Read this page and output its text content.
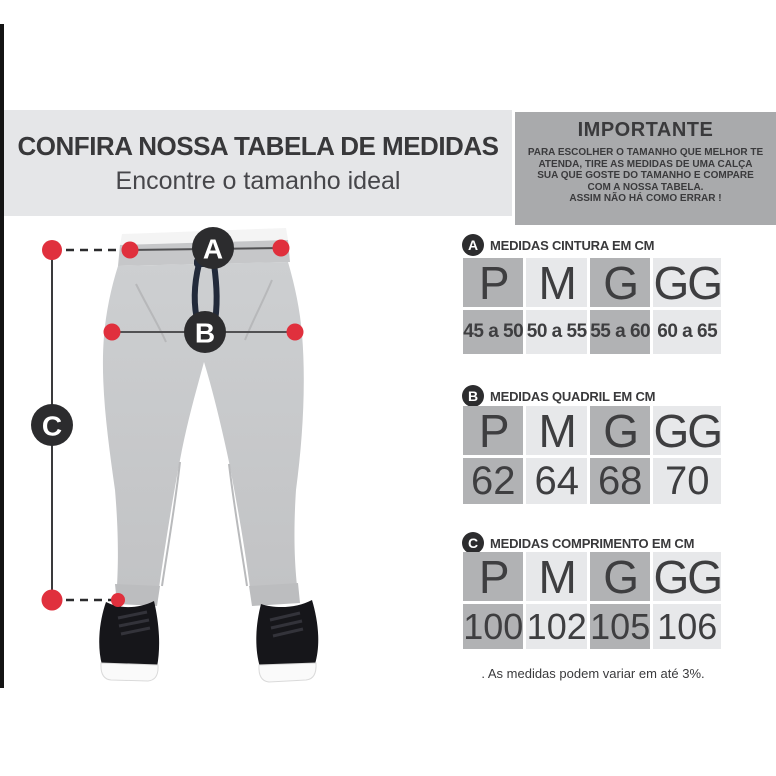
CONFIRA NOSSA TABELA DE MEDIDAS

Encontre o tamanho ideal

IMPORTANTE

PARA ESCOLHER O TAMANHO QUE MELHOR TE

ATENDA, TIRE AS MEDIDAS DE UMA CALÇA

SUA QUE GOSTE DO TAMANHO E COMPARE

COM A NOSSA TABELA.

ASSIM NÃO HÁ COMO ERRAR !

A
B
C
A MEDIDAS CINTURA EM CM
P M G GG
45 a 50 50 a 55 55 a 60 60 a 65
B MEDIDAS QUADRIL EM CM
P M G GG
62 64 68 70
C MEDIDAS COMPRIMENTO EM CM
P M G GG
100 102 105 106

. As medidas podem variar em até 3%.
